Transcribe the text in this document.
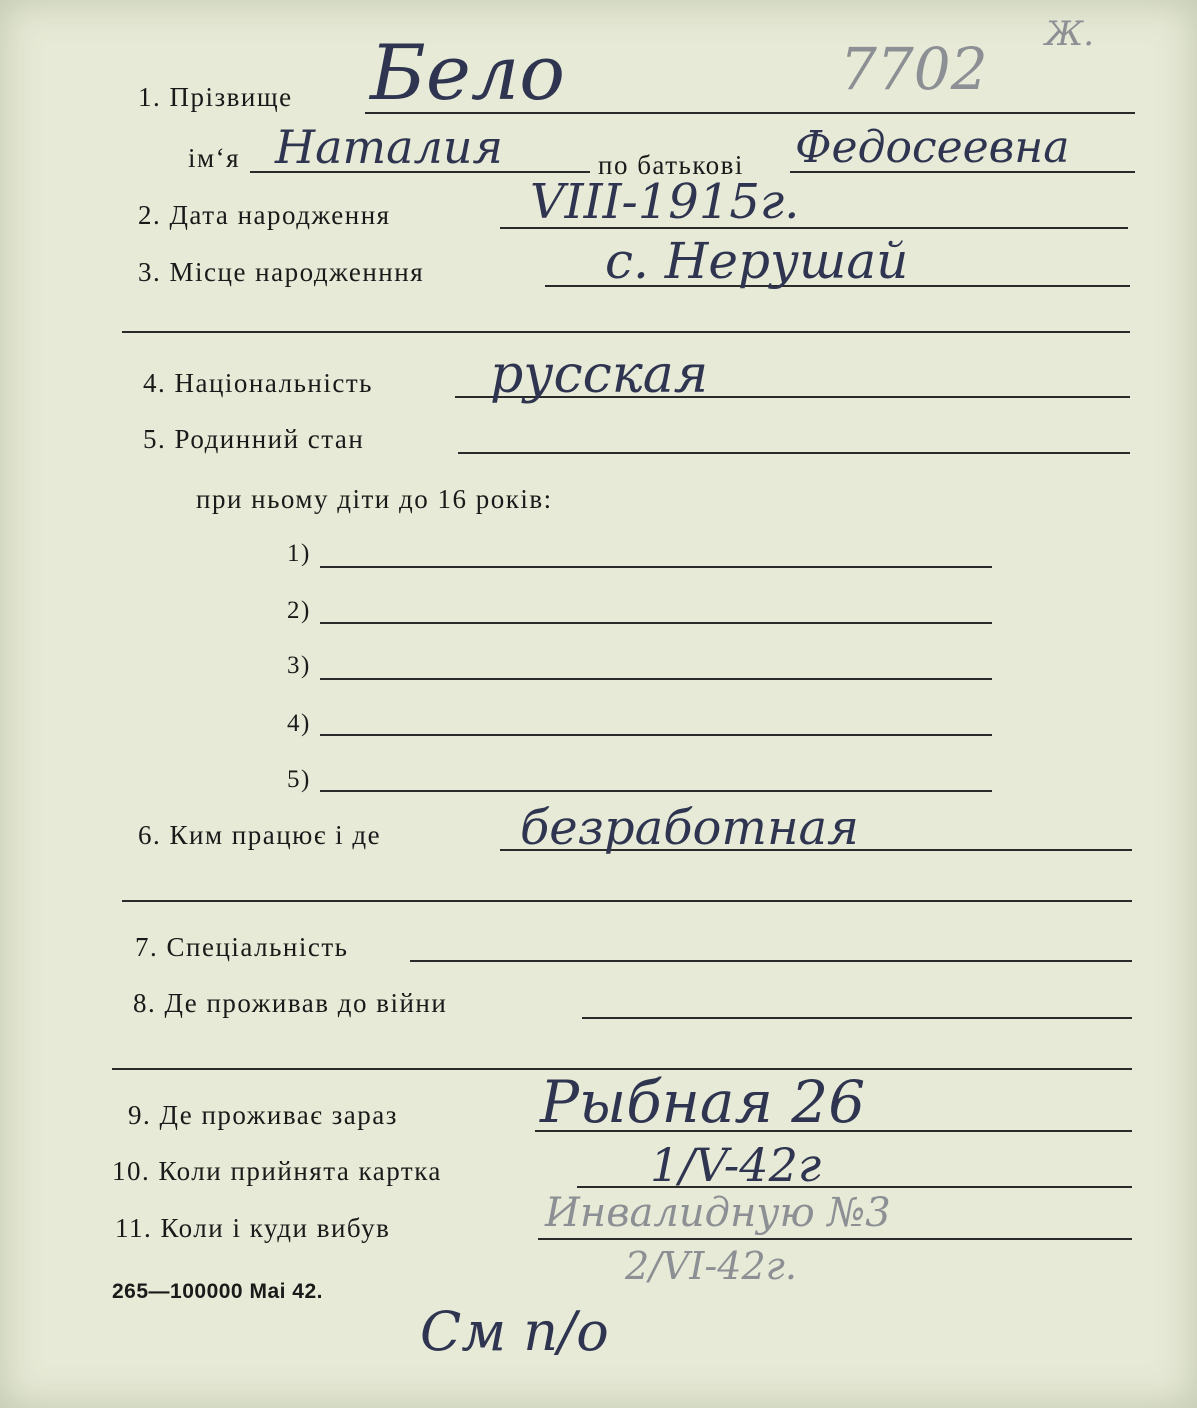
Ж.
7702
1. Прізвище Бело
ім‘я Наталия	по батькові Федосеевна
2. Дата народження	VIII-1915г.
3. Місце народженння	с. Нерушай
4. Національність русская
5. Родинний стан
при ньому діти до 16 років:
1)
2)
3)
4)
5)
6. Ким працює і де	безработная
7. Спеціальність
8. Де проживав до війни
9. Де проживає зараз Рыбная 26
10. Коли прийнята картка	1/V-42г
11. Коли і куди вибув	Инвалидную №3
2/VI-42г.
265—100000 Mai 42.
См п/о
